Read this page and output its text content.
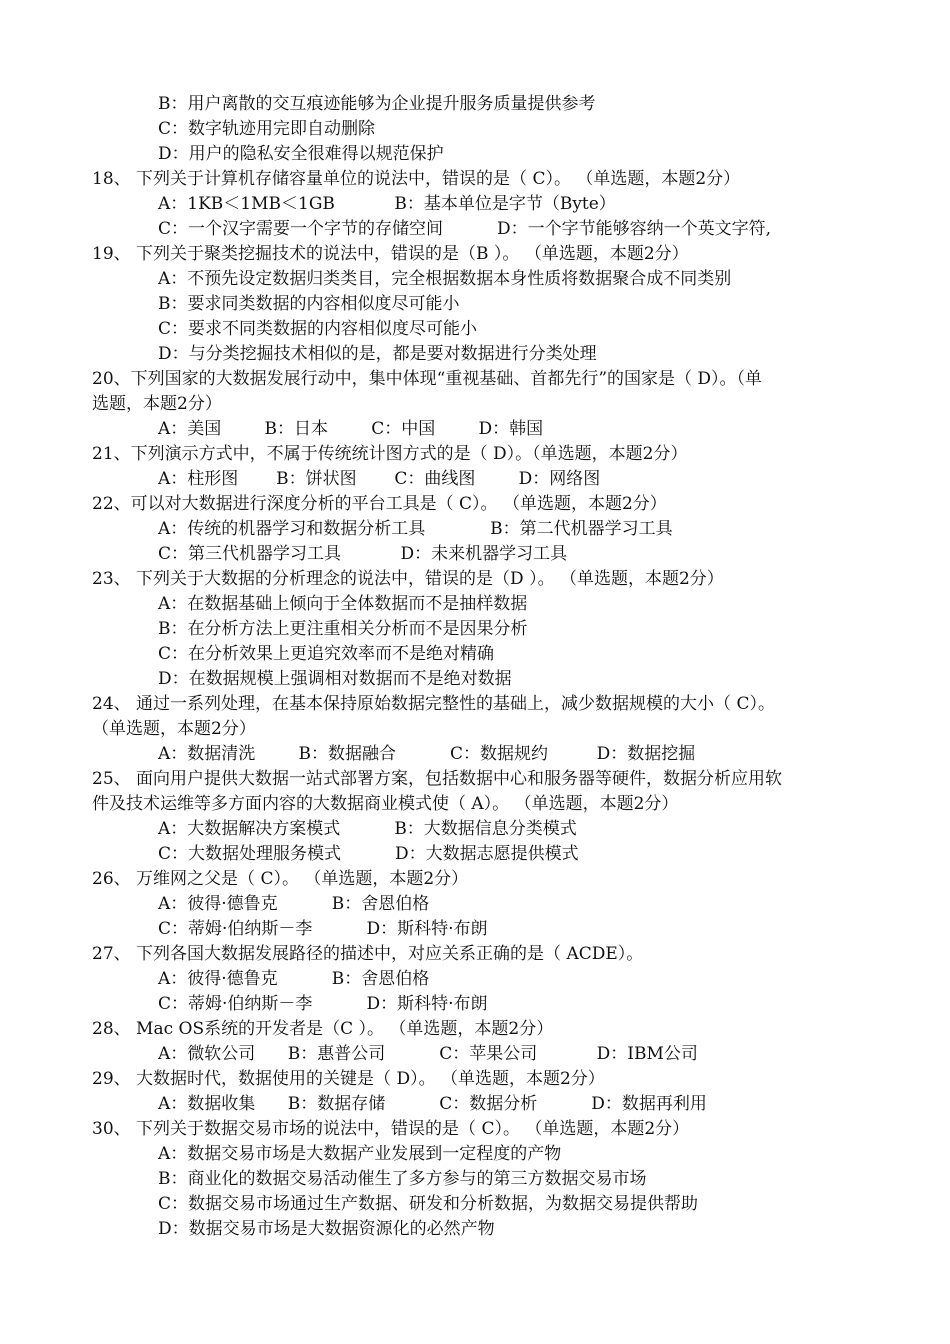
B：用户离散的交互痕迹能够为企业提升服务质量提供参考
C：数字轨迹用完即自动删除
D：用户的隐私安全很难得以规范保护
18、 下列关于计算机存储容量单位的说法中，错误的是（ C）。 （单选题，本题2分）
A：1KB＜1MB＜1GB           B：基本单位是字节（Byte）
C：一个汉字需要一个字节的存储空间          D：一个字节能够容纳一个英文字符,
19、 下列关于聚类挖掘技术的说法中，错误的是（B ）。 （单选题，本题2分）
A：不预先设定数据归类类目，完全根据数据本身性质将数据聚合成不同类别
B：要求同类数据的内容相似度尽可能小
C：要求不同类数据的内容相似度尽可能小
D：与分类挖掘技术相似的是，都是要对数据进行分类处理
20、下列国家的大数据发展行动中，集中体现“重视基础、首都先行”的国家是（ D）。（单
选题，本题2分）
A：美国        B：日本        C：中国        D：韩国
21、下列演示方式中，不属于传统统计图方式的是（ D）。（单选题，本题2分）
A：柱形图       B：饼状图       C：曲线图        D：网络图
22、可以对大数据进行深度分析的平台工具是（ C）。 （单选题，本题2分）
A：传统的机器学习和数据分析工具            B：第二代机器学习工具
C：第三代机器学习工具           D：未来机器学习工具
23、 下列关于大数据的分析理念的说法中，错误的是（D ）。 （单选题，本题2分）
A：在数据基础上倾向于全体数据而不是抽样数据
B：在分析方法上更注重相关分析而不是因果分析
C：在分析效果上更追究效率而不是绝对精确
D：在数据规模上强调相对数据而不是绝对数据
24、 通过一系列处理，在基本保持原始数据完整性的基础上，减少数据规模的大小（ C）。
（单选题，本题2分）
A：数据清洗        B：数据融合          C：数据规约         D：数据挖掘
25、 面向用户提供大数据一站式部署方案，包括数据中心和服务器等硬件，数据分析应用软
件及技术运维等多方面内容的大数据商业模式使（ A）。 （单选题，本题2分）
A：大数据解决方案模式          B：大数据信息分类模式
C：大数据处理服务模式          D：大数据志愿提供模式
26、 万维网之父是（ C）。 （单选题，本题2分）
A：彼得·德鲁克          B：舍恩伯格
C：蒂姆·伯纳斯－李          D：斯科特·布朗
27、 下列各国大数据发展路径的描述中，对应关系正确的是（ ACDE）。
A：彼得·德鲁克          B：舍恩伯格
C：蒂姆·伯纳斯－李          D：斯科特·布朗
28、 Mac OS系统的开发者是（C ）。 （单选题，本题2分）
A：微软公司      B：惠普公司          C：苹果公司           D：IBM公司
29、 大数据时代，数据使用的关键是（ D）。 （单选题，本题2分）
A：数据收集      B：数据存储          C：数据分析          D：数据再利用
30、 下列关于数据交易市场的说法中，错误的是（ C）。 （单选题，本题2分）
A：数据交易市场是大数据产业发展到一定程度的产物
B：商业化的数据交易活动催生了多方参与的第三方数据交易市场
C：数据交易市场通过生产数据、研发和分析数据，为数据交易提供帮助
D：数据交易市场是大数据资源化的必然产物
